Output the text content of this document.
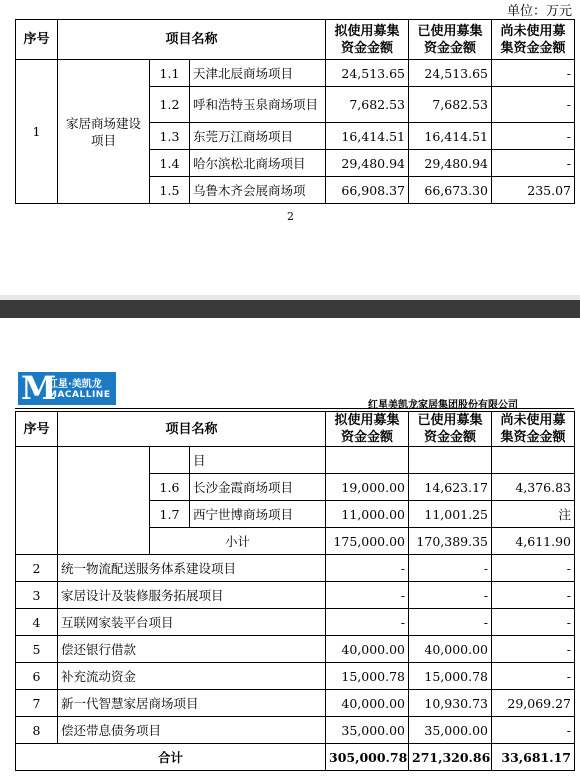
单位：万元
序号	项目名称			拟使用募集资金金额	已使用募集资金金额	尚未使用募集资金金额
1	家居商场建设项目	1.1	天津北辰商场项目	24,513.65	24,513.65	-
		1.2	呼和浩特玉泉商场项目	7,682.53	7,682.53	-
		1.3	东莞万江商场项目	16,414.51	16,414.51	-
		1.4	哈尔滨松北商场项目	29,480.94	29,480.94	-
		1.5	乌鲁木齐会展商场项	66,908.37	66,673.30	235.07
2
M
红星·美凯龙
MACALLINE
红星美凯龙家居集团股份有限公司
序号	项目名称			拟使用募集资金金额	已使用募集资金金额	尚未使用募集资金金额
			目			
		1.6	长沙金霞商场项目	19,000.00	14,623.17	4,376.83
		1.7	西宁世博商场项目	11,000.00	11,001.25	注
		小计		175,000.00	170,389.35	4,611.90
2	统一物流配送服务体系建设项目			-	-	-
3	家居设计及装修服务拓展项目			-	-	-
4	互联网家装平台项目			-	-	-
5	偿还银行借款			40,000.00	40,000.00	-
6	补充流动资金			15,000.78	15,000.78	-
7	新一代智慧家居商场项目			40,000.00	10,930.73	29,069.27
8	偿还带息债务项目			35,000.00	35,000.00	-
合计				305,000.78	271,320.86	33,681.17
